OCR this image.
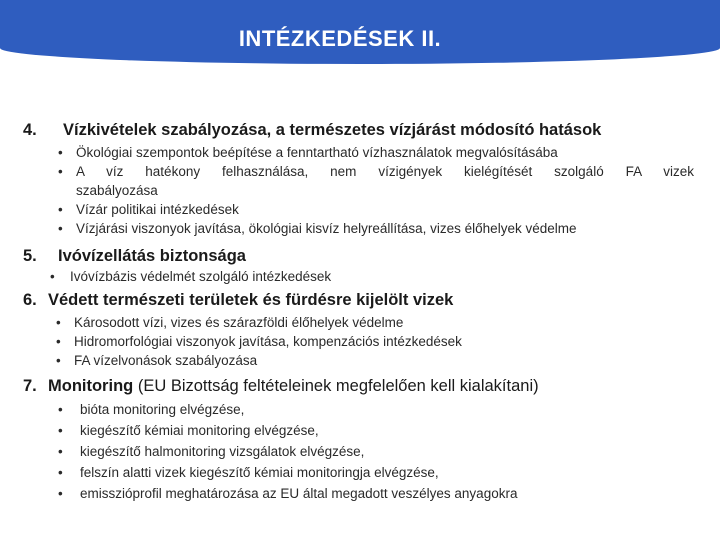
INTÉZKEDÉSEK II.
4. Vízkivételek szabályozása, a természetes vízjárást módosító hatások
• Ökológiai szempontok beépítése a fenntartható vízhasználatok megvalósításába
• A víz hatékony felhasználása, nem vízigények kielégítését szolgáló FA vizek
szabályozása
• Vízár politikai intézkedések
• Vízjárási viszonyok javítása, ökológiai kisvíz helyreállítása, vizes élőhelyek védelme
5. Ivóvízellátás biztonsága
•	Ivóvízbázis védelmét szolgáló intézkedések
6. Védett természeti területek és fürdésre kijelölt vizek
• Károsodott vízi, vizes és szárazföldi élőhelyek védelme
• Hidromorfológiai viszonyok javítása, kompenzációs intézkedések
• FA vízelvonások szabályozása
7. Monitoring (EU Bizottság feltételeinek megfelelően kell kialakítani)
•	bióta monitoring elvégzése,
•	kiegészítő kémiai monitoring elvégzése,
•	kiegészítő halmonitoring vizsgálatok elvégzése,
•	felszín alatti vizek kiegészítő kémiai monitoringja elvégzése,
•	emisszióprofil meghatározása az EU által megadott veszélyes anyagokra
